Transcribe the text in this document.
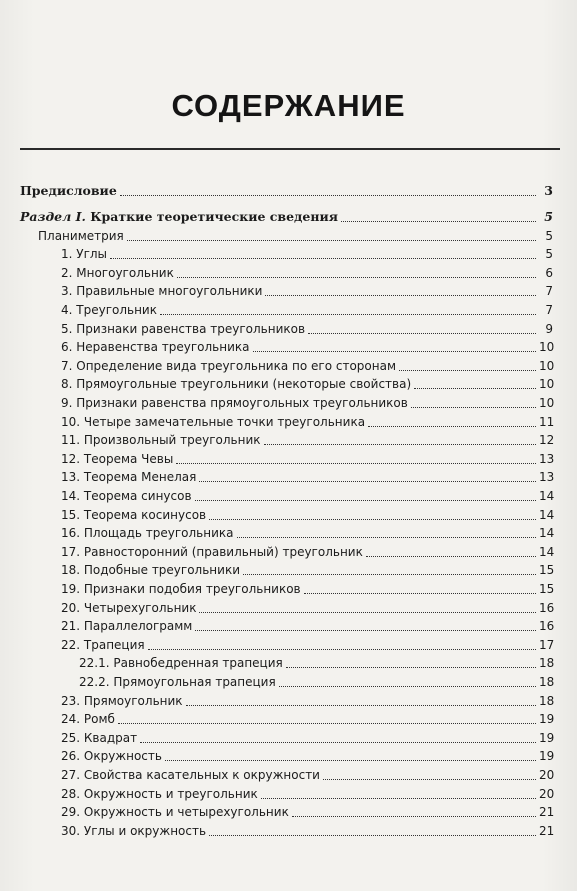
СОДЕРЖАНИЕ
Предисловие	3
Раздел I. Краткие теоретические сведения	5
Планиметрия	5
1. Углы	5
2. Многоугольник	6
3. Правильные многоугольники	7
4. Треугольник	7
5. Признаки равенства треугольников	9
6. Неравенства треугольника	10
7. Определение вида треугольника по его сторонам	10
8. Прямоугольные треугольники (некоторые свойства)	10
9. Признаки равенства прямоугольных треугольников	10
10. Четыре замечательные точки треугольника	11
11. Произвольный треугольник	12
12. Теорема Чевы	13
13. Теорема Менелая	13
14. Теорема синусов	14
15. Теорема косинусов	14
16. Площадь треугольника	14
17. Равносторонний (правильный) треугольник	14
18. Подобные треугольники	15
19. Признаки подобия треугольников	15
20. Четырехугольник	16
21. Параллелограмм	16
22. Трапеция	17
22.1. Равнобедренная трапеция	18
22.2. Прямоугольная трапеция	18
23. Прямоугольник	18
24. Ромб	19
25. Квадрат	19
26. Окружность	19
27. Свойства касательных к окружности	20
28. Окружность и треугольник	20
29. Окружность и четырехугольник	21
30. Углы и окружность	21
